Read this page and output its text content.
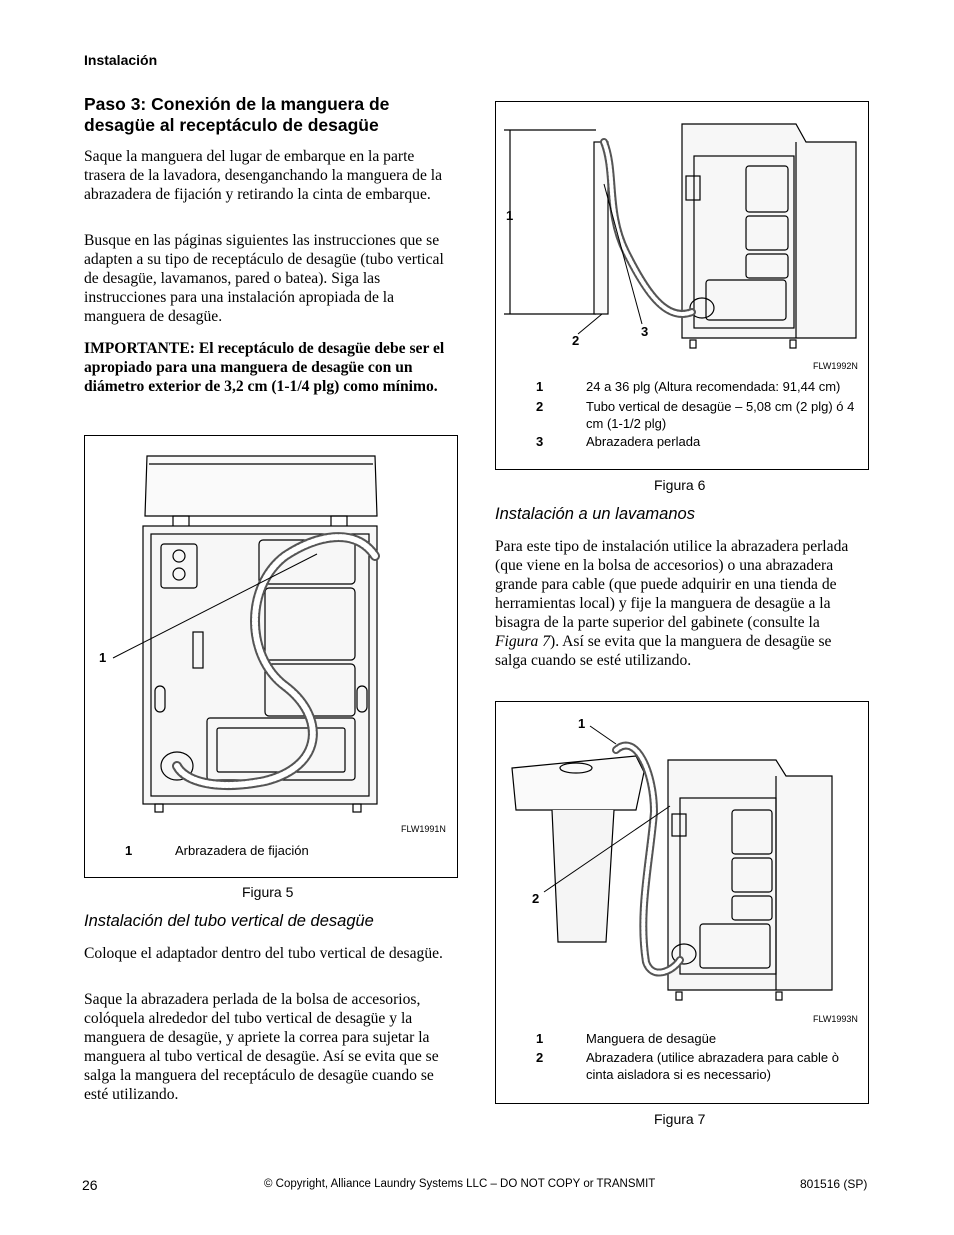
Instalación
Paso 3: Conexión de la manguera de desagüe al receptáculo de desagüe

Saque la manguera del lugar de embarque en la parte trasera de la lavadora, desenganchando la manguera de la abrazadera de fijación y retirando la cinta de embarque.

Busque en las páginas siguientes las instrucciones que se adapten a su tipo de receptáculo de desagüe (tubo vertical de desagüe, lavamanos, pared o batea). Siga las instrucciones para una instalación apropiada de la manguera de desagüe.

IMPORTANTE: El receptáculo de desagüe debe ser el apropiado para una manguera de desagüe con un diámetro exterior de 3,2 cm (1-1/4 plg) como mínimo.

1
FLW1991N
1	Arbrazadera de fijación
Figura 5
Instalación del tubo vertical de desagüe

Coloque el adaptador dentro del tubo vertical de desagüe.

Saque la abrazadera perlada de la bolsa de accesorios, colóquela alrededor del tubo vertical de desagüe y la manguera de desagüe, y apriete la correa para sujetar la manguera al tubo vertical de desagüe. Así se evita que se salga la manguera del receptáculo de desagüe cuando se esté utilizando.

1
2
3
FLW1992N
1	24 a 36 plg (Altura recomendada: 91,44 cm)
2	Tubo vertical de desagüe – 5,08 cm (2 plg) ó 4 cm (1-1/2 plg)
3	Abrazadera perlada
Figura 6
Instalación a un lavamanos

Para este tipo de instalación utilice la abrazadera perlada (que viene en la bolsa de accesorios) o una abrazadera grande para cable (que puede adquirir en una tienda de herramientas local) y fije la manguera de desagüe a la bisagra de la parte superior del gabinete (consulte la Figura 7). Así se evita que la manguera de desagüe se salga cuando se esté utilizando.

1
2
FLW1993N
1	Manguera de desagüe
2	Abrazadera (utilice abrazadera para cable ò cinta aisladora si es necessario)
Figura 7
26	© Copyright, Alliance Laundry Systems LLC – DO NOT COPY or TRANSMIT	801516 (SP)
